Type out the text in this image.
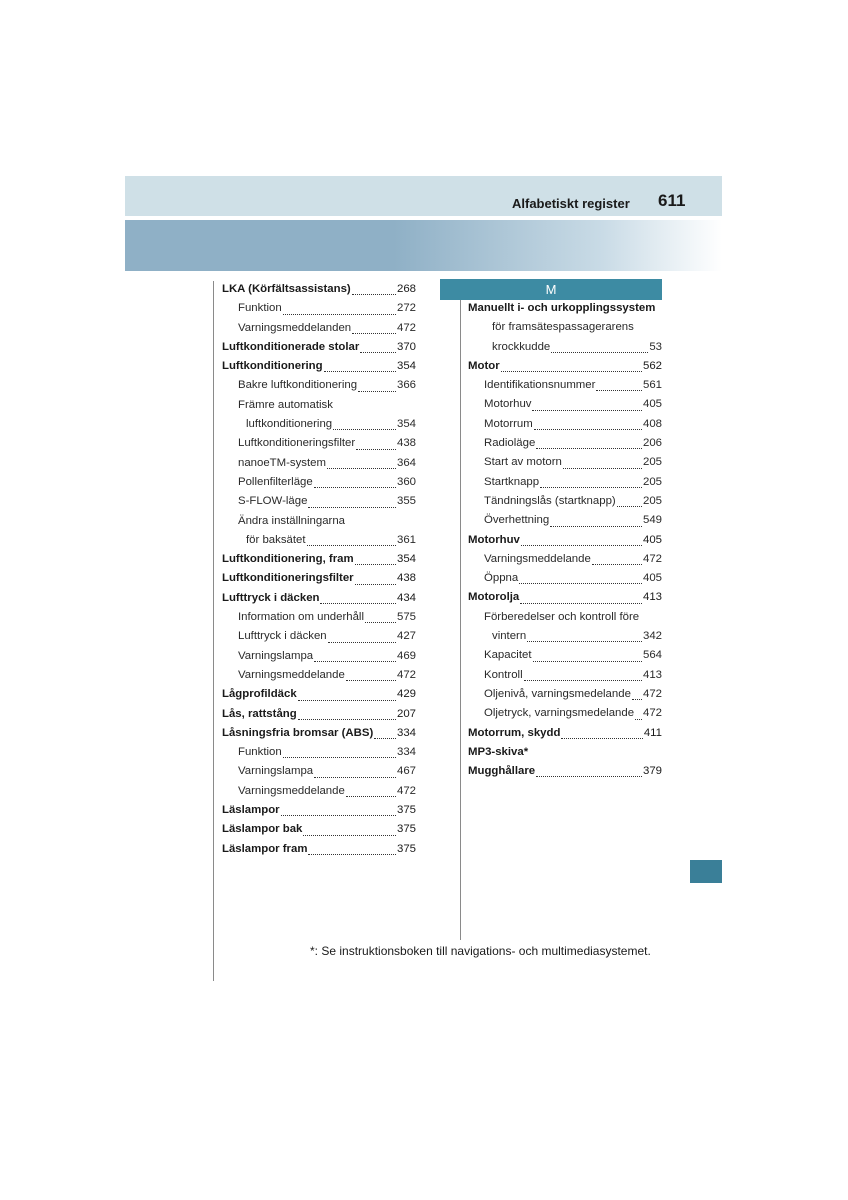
Alfabetiskt register 611
LKA (Körfältsassistans)	268
Funktion	272
Varningsmeddelanden	472
Luftkonditionerade stolar	370
Luftkonditionering	354
Bakre luftkonditionering	366
Främre automatisk
luftkonditionering	354
Luftkonditioneringsfilter	438
nanoeTM-system	364
Pollenfilterläge	360
S-FLOW-läge	355
Ändra inställningarna
för baksätet	361
Luftkonditionering, fram	354
Luftkonditioneringsfilter	438
Lufttryck i däcken	434
Information om underhåll	575
Lufttryck i däcken	427
Varningslampa	469
Varningsmeddelande	472
Lågprofildäck	429
Lås, rattstång	207
Låsningsfria bromsar (ABS) 334
Funktion	334
Varningslampa	467
Varningsmeddelande	472
Läslampor	375
Läslampor bak	375
Läslampor fram	375
M
Manuellt i- och urkopplingssystem
för framsätespassagerarens
krockkudde	53
Motor	562
Identifikationsnummer	561
Motorhuv	405
Motorrum	408
Radioläge	206
Start av motorn	205
Startknapp	205
Tändningslås (startknapp) 205
Överhettning	549
Motorhuv	405
Varningsmeddelande	472
Öppna	405
Motorolja	413
Förberedelser och kontroll före
vintern	342
Kapacitet	564
Kontroll	413
Oljenivå, varningsmedelande 472
Oljetryck, varningsmedelande 472
Motorrum, skydd	411
MP3-skiva*
Mugghållare	379
*: Se instruktionsboken till navigations- och multimediasystemet.
